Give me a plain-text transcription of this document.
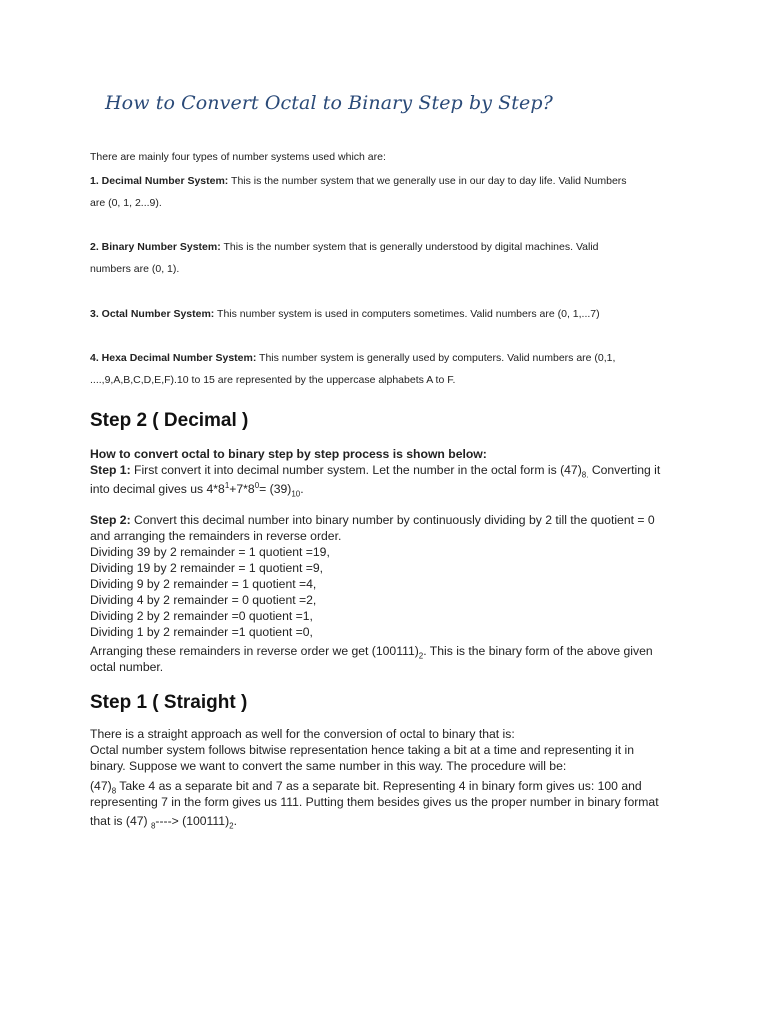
How to Convert Octal to Binary Step by Step?
There are mainly four types of number systems used which are:
1. Decimal Number System: This is the number system that we generally use in our day to day life. Valid Numbers
are (0, 1, 2...9).
2. Binary Number System: This is the number system that is generally understood by digital machines. Valid
numbers are (0, 1).
3. Octal Number System: This number system is used in computers sometimes. Valid numbers are (0, 1,...7)
4. Hexa Decimal Number System: This number system is generally used by computers. Valid numbers are (0,1,
....,9,A,B,C,D,E,F).10 to 15 are represented by the uppercase alphabets A to F.
Step 2 ( Decimal )
How to convert octal to binary step by step process is shown below:
Step 1: First convert it into decimal number system. Let the number in the octal form is $(47)_{8.}$ Converting it
into decimal gives us $4*8^1+7*8^0= (39)_{10}$.
Step 2: Convert this decimal number into binary number by continuously dividing by 2 till the quotient = 0
and arranging the remainders in reverse order.
Dividing 39 by 2 remainder = 1 quotient =19,
Dividing 19 by 2 remainder = 1 quotient =9,
Dividing 9 by 2 remainder = 1 quotient =4,
Dividing 4 by 2 remainder = 0 quotient =2,
Dividing 2 by 2 remainder =0 quotient =1,
Dividing 1 by 2 remainder =1 quotient =0,
Arranging these remainders in reverse order we get $(100111)_2$. This is the binary form of the above given
octal number.
Step 1 ( Straight )
There is a straight approach as well for the conversion of octal to binary that is:
Octal number system follows bitwise representation hence taking a bit at a time and representing it in
binary. Suppose we want to convert the same number in this way. The procedure will be:
$(47)_8$ Take 4 as a separate bit and 7 as a separate bit. Representing 4 in binary form gives us: 100 and
representing 7 in the form gives us 111. Putting them besides gives us the proper number in binary format
that is (47) $_8----> (100111)_2$.
